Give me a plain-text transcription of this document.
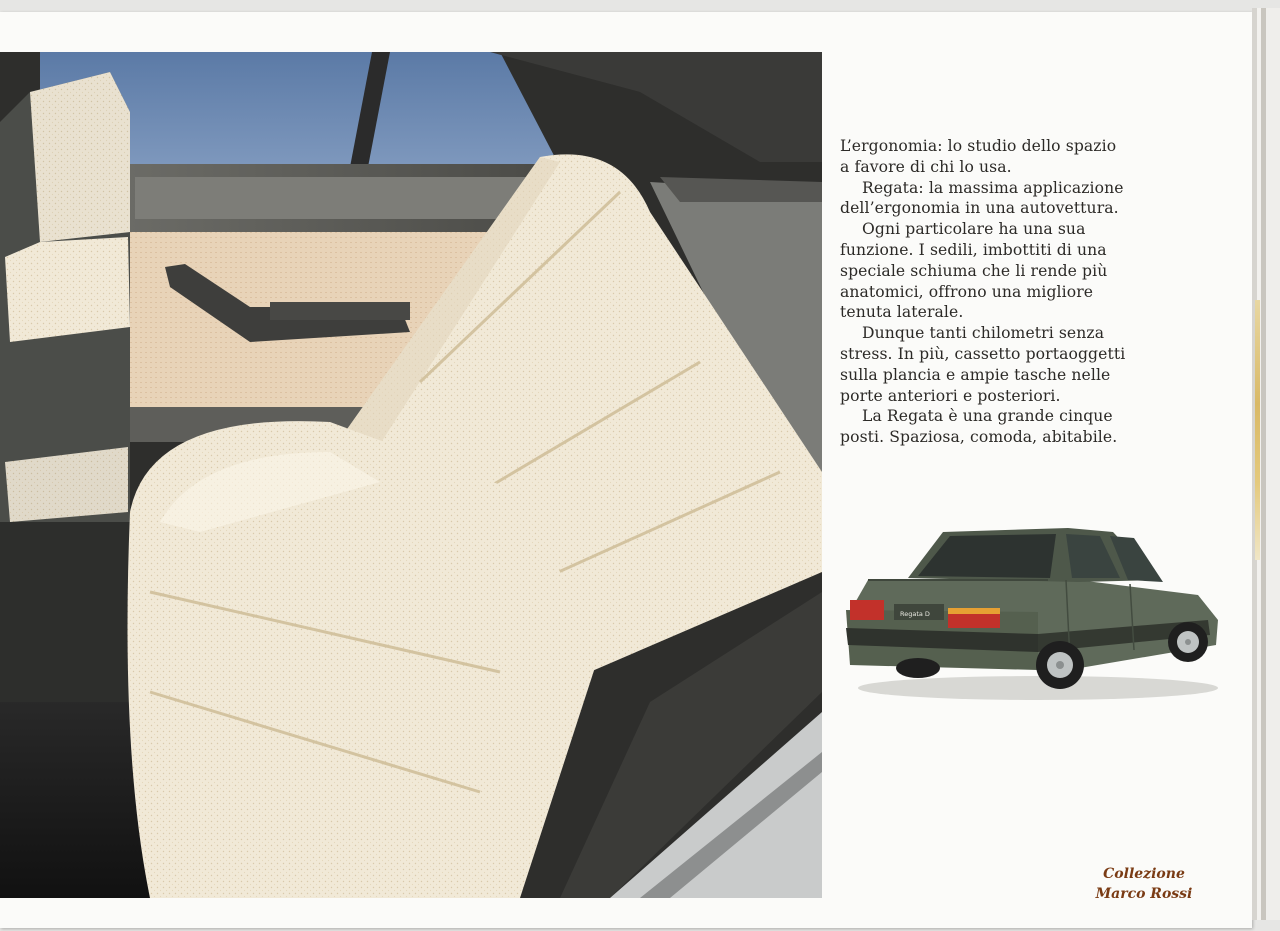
L’ergonomia: lo studio dello spazio a favore di chi lo usa.

Regata: la massima applicazione dell’ergonomia in una autovettura.

Ogni particolare ha una sua funzione. I sedili, imbottiti di una speciale schiuma che li rende più anatomici, offrono una migliore tenuta laterale.

Dunque tanti chilometri senza stress. In più, cassetto portaoggetti sulla plancia e ampie tasche nelle porte anteriori e posteriori.

La Regata è una grande cinque posti. Spaziosa, comoda, abitabile.

Regata D
Collezione
Marco Rossi
